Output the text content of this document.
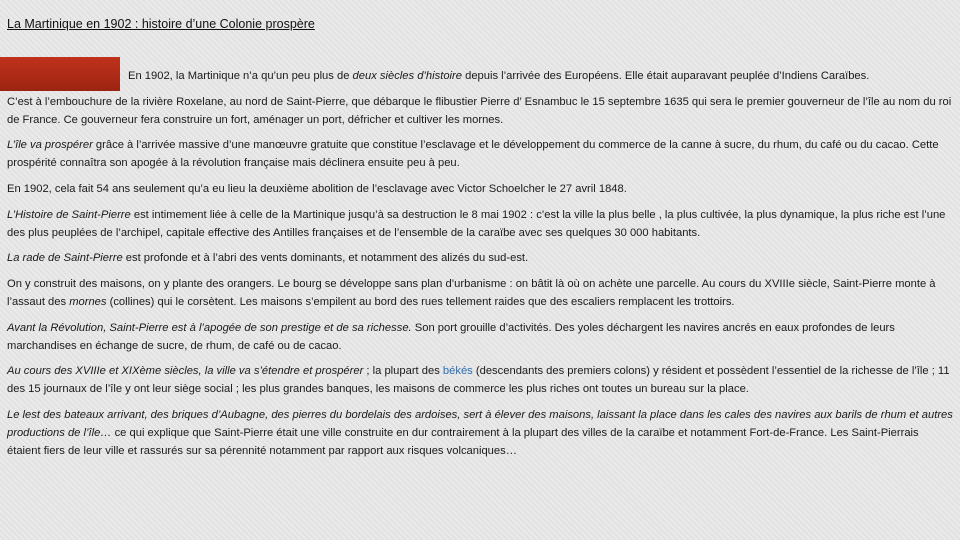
La Martinique en 1902 : histoire d’une Colonie prospère

En 1902, la Martinique n’a qu’un peu plus de deux siècles d’histoire depuis l’arrivée des Européens. Elle était auparavant peuplée d’Indiens Caraïbes.

C’est à l’embouchure de la rivière Roxelane, au nord de Saint-Pierre, que débarque le flibustier Pierre d’ Esnambuc le 15 septembre 1635 qui sera le premier gouverneur de l’île au nom du roi de France. Ce gouverneur fera construire un fort, aménager un port, défricher et cultiver les mornes.

L’île va prospérer grâce à l’arrivée massive d’une manœuvre gratuite que constitue l’esclavage et le développement du commerce de la canne à sucre, du rhum, du café ou du cacao. Cette prospérité connaîtra son apogée à la révolution française mais déclinera ensuite peu à peu.

En 1902, cela fait 54 ans seulement qu’a eu lieu la deuxième abolition de l’esclavage avec Victor Schoelcher le 27 avril 1848.

L’Histoire de Saint-Pierre est intimement liée à celle de la Martinique jusqu’à sa destruction le 8 mai 1902 : c’est la ville la plus belle , la plus cultivée, la plus dynamique, la plus riche est l’une des plus peuplées de l’archipel, capitale effective des Antilles françaises et de l’ensemble de la caraïbe avec ses quelques 30 000 habitants.

La rade de Saint-Pierre est profonde et à l’abri des vents dominants, et notamment des alizés du sud-est.

On y construit des maisons, on y plante des orangers. Le bourg se développe sans plan d’urbanisme : on bâtit là où on achète une parcelle. Au cours du XVIIIe siècle, Saint-Pierre monte à l’assaut des mornes (collines) qui le corsètent. Les maisons s’empilent au bord des rues tellement raides que des escaliers remplacent les trottoirs.

Avant la Révolution, Saint-Pierre est à l’apogée de son prestige et de sa richesse. Son port grouille d’activités. Des yoles déchargent les navires ancrés en eaux profondes de leurs marchandises en échange de sucre, de rhum, de café ou de cacao.

Au cours des XVIIIe et XIXème siècles, la ville va s’étendre et prospérer ; la plupart des békés (descendants des premiers colons) y résident et possèdent l’essentiel de la richesse de l’île ; 11 des 15 journaux de l’île y ont leur siège social ; les plus grandes banques, les maisons de commerce les plus riches ont toutes un bureau sur la place.

Le lest des bateaux arrivant, des briques d’Aubagne, des pierres du bordelais des ardoises, sert à élever des maisons, laissant la place dans les cales des navires aux barils de rhum et autres productions de l’île… ce qui explique que Saint-Pierre était une ville construite en dur contrairement à la plupart des villes de la caraïbe et notamment Fort-de-France. Les Saint-Pierrais étaient fiers de leur ville et rassurés sur sa pérennité notamment par rapport aux risques volcaniques…
